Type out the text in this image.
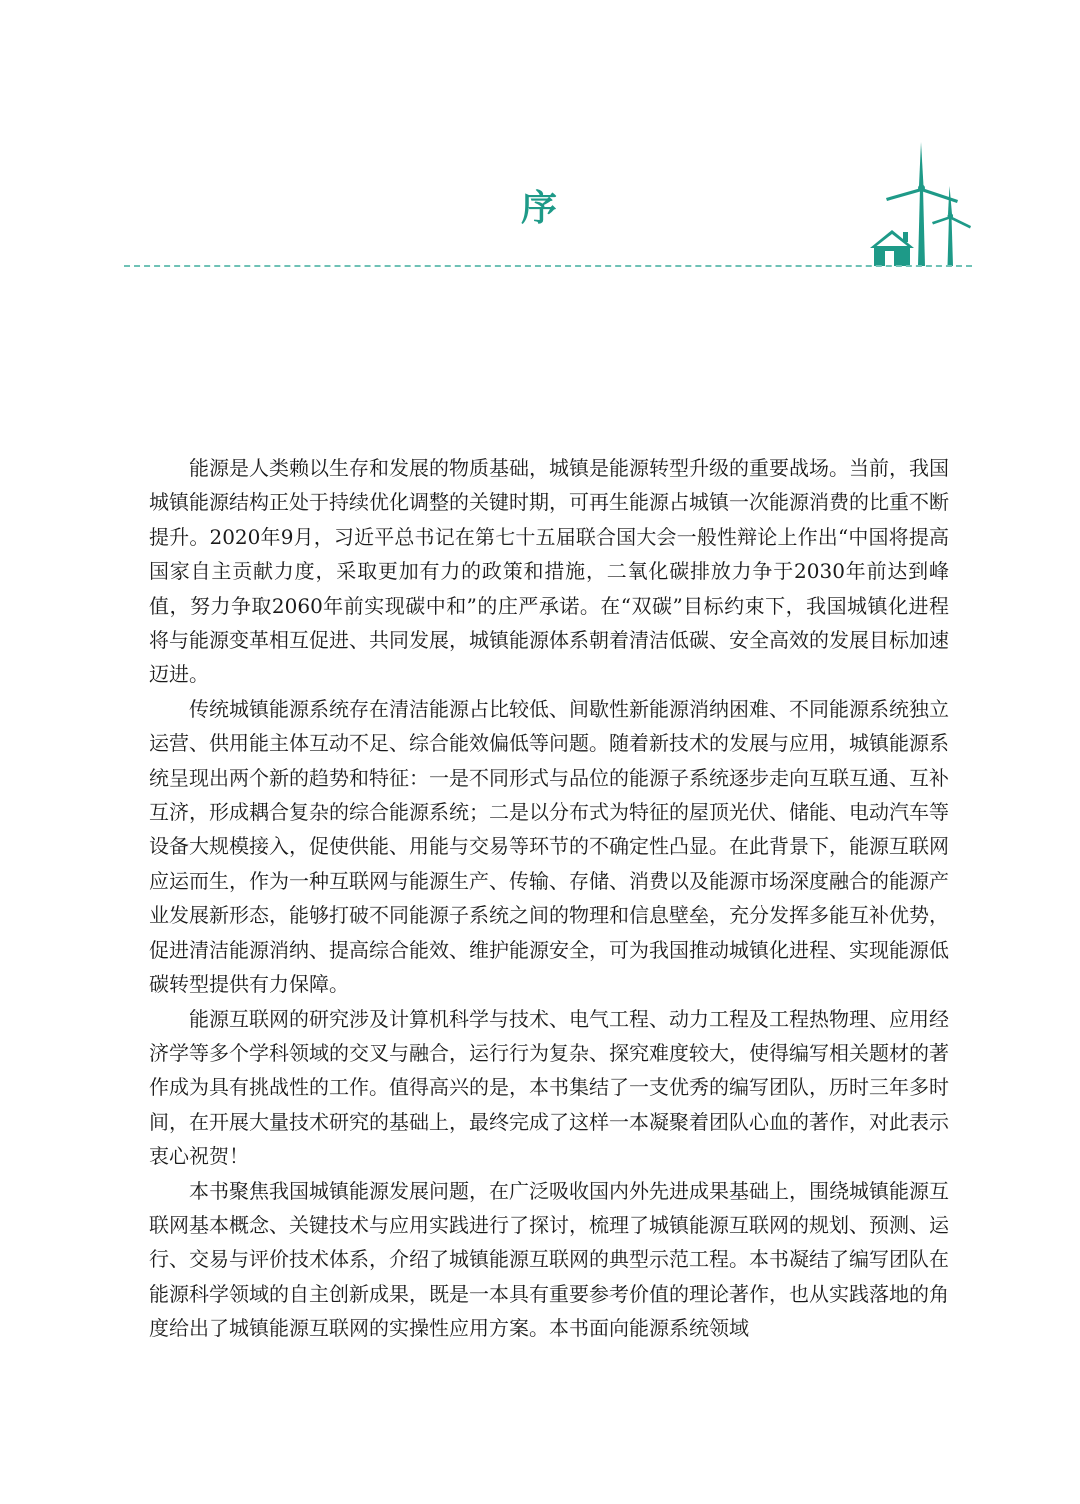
序

能源是人类赖以生存和发展的物质基础，城镇是能源转型升级的重要战场。当前，我国城镇能源结构正处于持续优化调整的关键时期，可再生能源占城镇一次能源消费的比重不断提升。2020年9月，习近平总书记在第七十五届联合国大会一般性辩论上作出“中国将提高国家自主贡献力度，采取更加有力的政策和措施，二氧化碳排放力争于2030年前达到峰值，努力争取2060年前实现碳中和”的庄严承诺。在“双碳”目标约束下，我国城镇化进程将与能源变革相互促进、共同发展，城镇能源体系朝着清洁低碳、安全高效的发展目标加速迈进。

传统城镇能源系统存在清洁能源占比较低、间歇性新能源消纳困难、不同能源系统独立运营、供用能主体互动不足、综合能效偏低等问题。随着新技术的发展与应用，城镇能源系统呈现出两个新的趋势和特征：一是不同形式与品位的能源子系统逐步走向互联互通、互补互济，形成耦合复杂的综合能源系统；二是以分布式为特征的屋顶光伏、储能、电动汽车等设备大规模接入，促使供能、用能与交易等环节的不确定性凸显。在此背景下，能源互联网应运而生，作为一种互联网与能源生产、传输、存储、消费以及能源市场深度融合的能源产业发展新形态，能够打破不同能源子系统之间的物理和信息壁垒，充分发挥多能互补优势，促进清洁能源消纳、提高综合能效、维护能源安全，可为我国推动城镇化进程、实现能源低碳转型提供有力保障。

能源互联网的研究涉及计算机科学与技术、电气工程、动力工程及工程热物理、应用经济学等多个学科领域的交叉与融合，运行行为复杂、探究难度较大，使得编写相关题材的著作成为具有挑战性的工作。值得高兴的是，本书集结了一支优秀的编写团队，历时三年多时间，在开展大量技术研究的基础上，最终完成了这样一本凝聚着团队心血的著作，对此表示衷心祝贺！

本书聚焦我国城镇能源发展问题，在广泛吸收国内外先进成果基础上，围绕城镇能源互联网基本概念、关键技术与应用实践进行了探讨，梳理了城镇能源互联网的规划、预测、运行、交易与评价技术体系，介绍了城镇能源互联网的典型示范工程。本书凝结了编写团队在能源科学领域的自主创新成果，既是一本具有重要参考价值的理论著作，也从实践落地的角度给出了城镇能源互联网的实操性应用方案。本书面向能源系统领域
